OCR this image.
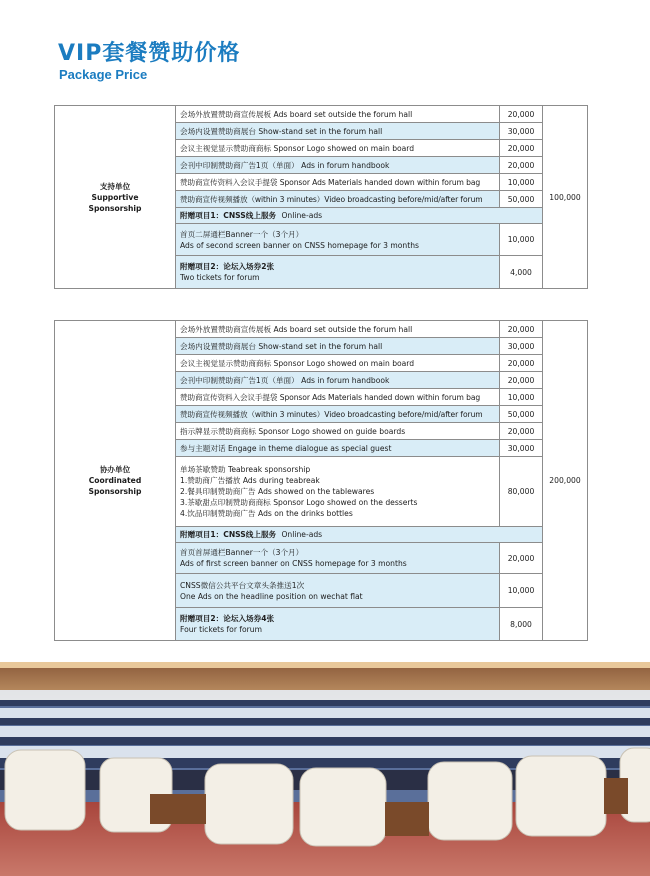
VIP套餐赞助价格
Package Price
支持单位
Supportive
Sponsorship	会场外放置赞助商宣传展板 Ads board set outside the forum hall	20,000	100,000
	会场内设置赞助商展台 Show-stand set in the forum hall	30,000	
	会议主视觉显示赞助商商标 Sponsor Logo showed on main board	20,000	
	会刊中印制赞助商广告1页（单面） Ads in forum handbook	20,000	
	赞助商宣传资料入会议手提袋 Sponsor Ads Materials handed down within forum bag	10,000	
	赞助商宣传视频播放（within 3 minutes）Video broadcasting before/mid/after forum	50,000	
	附赠项目1：CNSS线上服务 Online-ads		

	首页二屏通栏Banner一个（3个月）
Ads of second screen banner on CNSS homepage for 3 months	10,000	

	附赠项目2：论坛入场券2张
Two tickets for forum	4,000	
协办单位
Coordinated
Sponsorship	会场外放置赞助商宣传展板 Ads board set outside the forum hall	20,000	200,000
	会场内设置赞助商展台 Show-stand set in the forum hall	30,000	
	会议主视觉显示赞助商商标 Sponsor Logo showed on main board	20,000	
	会刊中印制赞助商广告1页（单面） Ads in forum handbook	20,000	
	赞助商宣传资料入会议手提袋 Sponsor Ads Materials handed down within forum bag	10,000	
	赞助商宣传视频播放（within 3 minutes）Video broadcasting before/mid/after forum	50,000	
	指示牌显示赞助商商标 Sponsor Logo showed on guide boards	20,000	
	参与主题对话 Engage in theme dialogue as special guest	30,000	

	单场茶歇赞助 Teabreak sponsorship
1.赞助商广告播放 Ads during teabreak
2.餐具印制赞助商广告 Ads showed on the tablewares
3.茶歇甜点印制赞助商商标 Sponsor Logo showed on the desserts
4.饮品印制赞助商广告 Ads on the drinks bottles	80,000	
	附赠项目1：CNSS线上服务 Online-ads		

	首页首屏通栏Banner一个（3个月）
Ads of first screen banner on CNSS homepage for 3 months	20,000	

	CNSS微信公共平台文章头条推送1次
One Ads on the headline position on wechat flat	10,000	

	附赠项目2：论坛入场券4张
Four tickets for forum	8,000	
